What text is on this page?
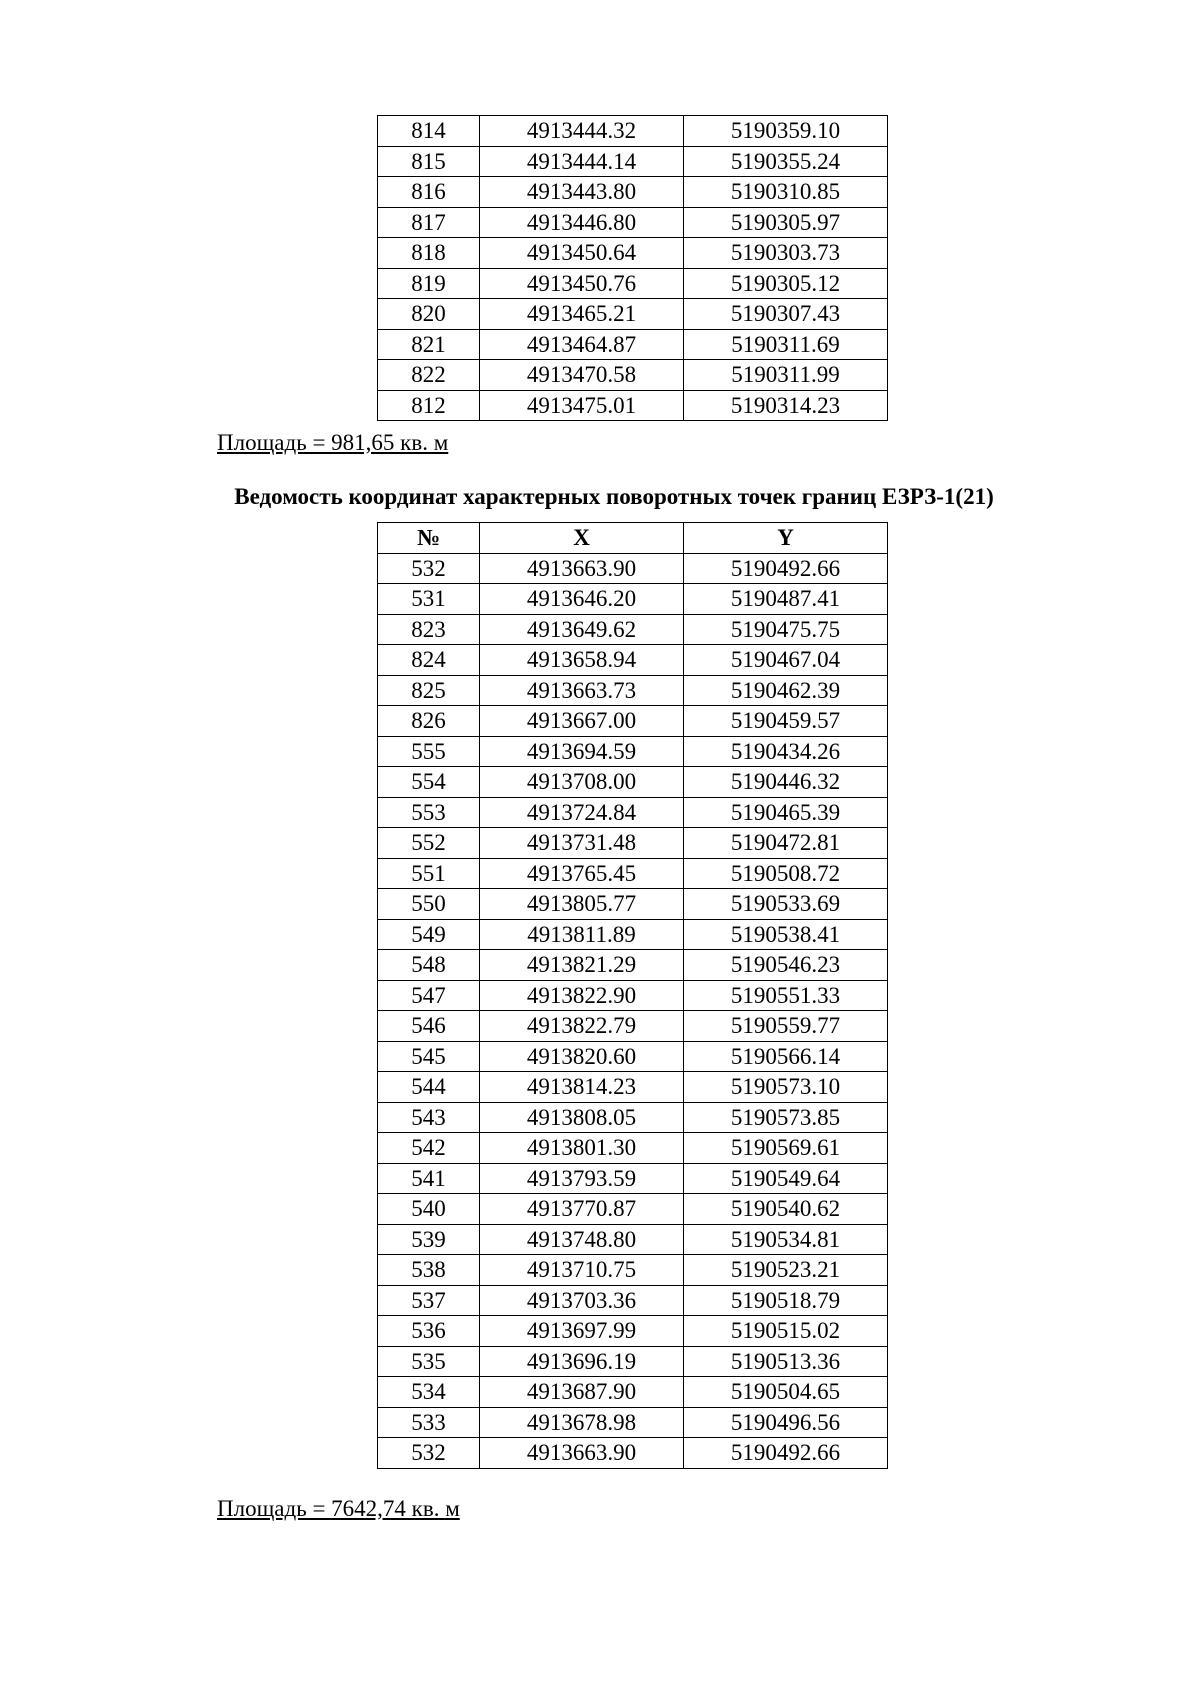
814	4913444.32	5190359.10
815	4913444.14	5190355.24
816	4913443.80	5190310.85
817	4913446.80	5190305.97
818	4913450.64	5190303.73
819	4913450.76	5190305.12
820	4913465.21	5190307.43
821	4913464.87	5190311.69
822	4913470.58	5190311.99
812	4913475.01	5190314.23
Площадь = 981,65 кв. м
Ведомость координат характерных поворотных точек границ ЕЗРЗ-1(21)
№	X	Y
532	4913663.90	5190492.66
531	4913646.20	5190487.41
823	4913649.62	5190475.75
824	4913658.94	5190467.04
825	4913663.73	5190462.39
826	4913667.00	5190459.57
555	4913694.59	5190434.26
554	4913708.00	5190446.32
553	4913724.84	5190465.39
552	4913731.48	5190472.81
551	4913765.45	5190508.72
550	4913805.77	5190533.69
549	4913811.89	5190538.41
548	4913821.29	5190546.23
547	4913822.90	5190551.33
546	4913822.79	5190559.77
545	4913820.60	5190566.14
544	4913814.23	5190573.10
543	4913808.05	5190573.85
542	4913801.30	5190569.61
541	4913793.59	5190549.64
540	4913770.87	5190540.62
539	4913748.80	5190534.81
538	4913710.75	5190523.21
537	4913703.36	5190518.79
536	4913697.99	5190515.02
535	4913696.19	5190513.36
534	4913687.90	5190504.65
533	4913678.98	5190496.56
532	4913663.90	5190492.66
Площадь = 7642,74 кв. м
